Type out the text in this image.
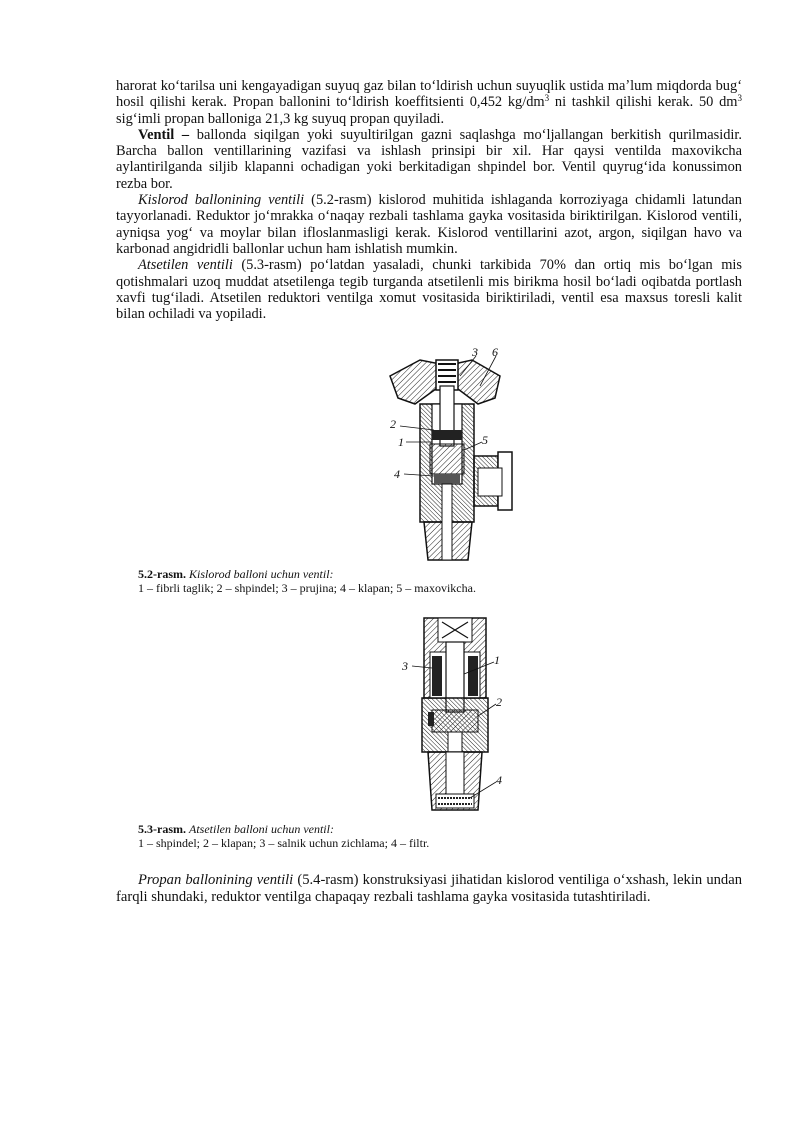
harorat koʻtarilsa uni kengayadigan suyuq gaz bilan toʻldirish uchun suyuqlik ustida maʼlum miqdorda bugʻ hosil qilishi kerak. Propan ballonini toʻldirish koeffitsienti 0,452 $kg/dm^3$ ni tashkil qilishi kerak. 50 $dm^3$ sigʻimli propan balloniga 21,3 kg suyuq propan quyiladi.

Ventil – ballonda siqilgan yoki suyultirilgan gazni saqlashga moʻljallangan berkitish qurilmasidir. Barcha ballon ventillarining vazifasi va ishlash prinsipi bir xil. Har qaysi ventilda maxovikcha aylantirilganda siljib klapanni ochadigan yoki berkitadigan shpindel bor. Ventil quyrugʻida konussimon rezba bor.

Kislorod ballonining ventili (5.2-rasm) kislorod muhitida ishlaganda korroziyaga chidamli latundan tayyorlanadi. Reduktor joʻmrakka oʻnaqay rezbali tashlama gayka vositasida biriktirilgan. Kislorod ventili, ayniqsa yogʻ va moylar bilan ifloslanmasligi kerak. Kislorod ventillarini azot, argon, siqilgan havo va karbonad angidridli ballonlar uchun ham ishlatish mumkin.

Atsetilen ventili (5.3-rasm) poʻlatdan yasaladi, chunki tarkibida 70% dan ortiq mis boʻlgan mis qotishmalari uzoq muddat atsetilenga tegib turganda atsetilenli mis birikma hosil boʻladi oqibatda portlash xavfi tugʻiladi. Atsetilen reduktori ventilga xomut vositasida biriktiriladi, ventil esa maxsus toresli kalit bilan ochiladi va yopiladi.

3 6
2
1	5
4
5.2-rasm. Kislorod balloni uchun ventil:
1 – fibrli taglik; 2 – shpindel; 3 – prujina; 4 – klapan; 5 – maxovikcha.
3	1
2
4
5.3-rasm. Atsetilen balloni uchun ventil:
1 – shpindel; 2 – klapan; 3 – salnik uchun zichlama; 4 – filtr.

Propan ballonining ventili (5.4-rasm) konstruksiyasi jihatidan kislorod ventiliga oʻxshash, lekin undan farqli shundaki, reduktor ventilga chapaqay rezbali tashlama gayka vositasida tutashtiriladi.
